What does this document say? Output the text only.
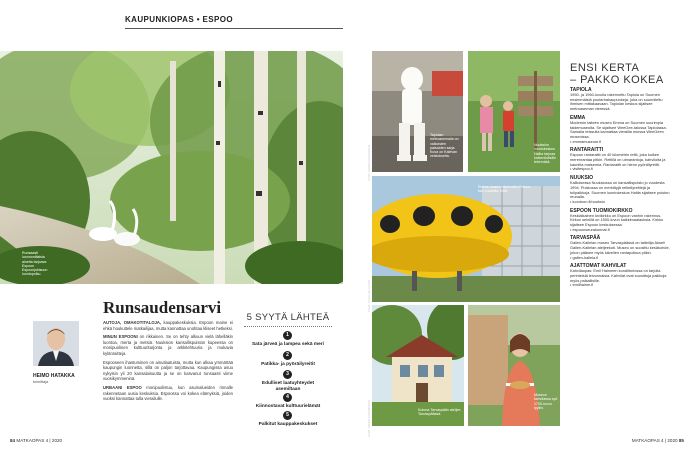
KAUPUNKIOPAS • ESPOO
Runsaasti luonnontilaisia alueita tarjoava Espoon Espoonjokisuun luontopolku.
Runsaudensarvi
HEIMO HATAKKA
toimittaja

AUTOJA, OMAKOTITALOJA, kauppakeskuksia. Espoon maine ei ehkä houkuttele matkailijaa, mutta kannattaa unohtaa kliseet hetkeksi.

MINUN ESPOONI on rikkainen. Se on tehty alkuun vielä lähelläkin luontoa, merta ja metsiä. Nuuksion kansallispuiston kupeessa on monipuolinen kulttuuritarjonta ja arkkitehtuuria ja mukavia kylänraitteja.

Espooseen ihastuminen on ainutlaatuista, mutta kun alkaa ymmärtää kaupungin luonnetta, sillä on paljon tarjottavaa. Kaupungissa asuu nykyisin yli 20 kansalaisuutta ja se on kasvanut runsaasti viime vuosikymmeninä.

URBAANI ESPOO monipuolistuu, kun asuinalueiden rinnalle rakennetaan uusia keskuksia. Espoossa voi kokea elämyksiä, joiden vuoksi kannattaa tulla vierailulle.

5 SYYTÄ LÄHTEÄ
1
Sata järveä ja lampea sekä meri
2
Patikka- ja pyöräilyreitit
3
Edulliset laatuyhteydet asemiltaan
4
Kiinnostavat kulttuurielämät
5
Palkitut kauppakeskukset
Tapiolan metroasemalla on valkoisten patsaiden sarja. Kuva on Kalevan veistokselta.
KUVA: ANNIKA BERGHOLM	Nuuksion luontokeskus Haltia tarjoaa kaikenikäisille tekemistä.
Emma-museo rakennettu Futuro-talo vuodelta 1968.
KUVA: JUSSI HELLSTEN
Kotona Tarvaspään ateljee Tarvaspäässä.
KUVA: SANNA KUOSMANEN
Museon kahvilassa syö 1700-luvun tyyliin.
ENSI KERTA
– PAKKO KOKEA
TAPIOLA
1950- ja 1960-luvulla rakennettu Tapiola on Suomen ensimmäisiä puutarhakaupunkeja, joka on suunniteltu ihmisen mittakaavaan. Tapiolan keskus sijaitsee metroaseman vieressä.
EMMA
Modernin taiteen museo Emma on Suomen suurimpia taidemuseoita. Se sijaitsee WeeGee-talossa Tapiolassa. Samalla reissulla kannattaa vierailla muissa WeeGeen museoissa.
• emmamuseum.fi
RANTARAITTI
Espoon rantaraitti on 40 kilometrin reitti, joka kulkee merenrantaa pitkin. Reitillä on uimarantoja, kahviloita ja kauniita maisemia. Rantaraitti on hieno pyöräilyreitti.
• visitespoo.fi
NUUKSIO
Kallioisessa Nuuksiossa on kansallispuisto jo vuodesta 1994. Puistossa on merkittyjä retkeilyreittejä ja tulipaikkoja. Suomen luontokeskus Haltia sijaitsee puiston reunalla.
• luontoon.fi/nuuksio
ESPOON TUOMIOKIRKKO
Keskiaikainen kivikirkko on Espoon vanhin rakennus. Kirkon seinillä on 1500-luvun kalkkimaalauksia. Kirkko sijaitsee Espoon keskuksessa.
• espoonseurakunnat.fi
TARVASPÄÄ
Gallen-Kallelan museo Tarvaspäässä on taiteilija Akseli Gallen-Kallelan ateljeekoti. Museo on suosittu kesäkohde, johon pääsee myös kävellen rantapolkua pitkin.
• gallen-kallela.fi
AJATTOMAT KAHVILAT
Kahvilaopas: Emil Halmeen kondiitoriossa on tarjolla perinteisiä leivonnaisia. Kahvilat ovat suosittuja paikkoja myös paikallisille.
• emilhalme.fi
84 MATKAOPAS 4 | 2020	MATKAOPAS 4 | 2020 85
